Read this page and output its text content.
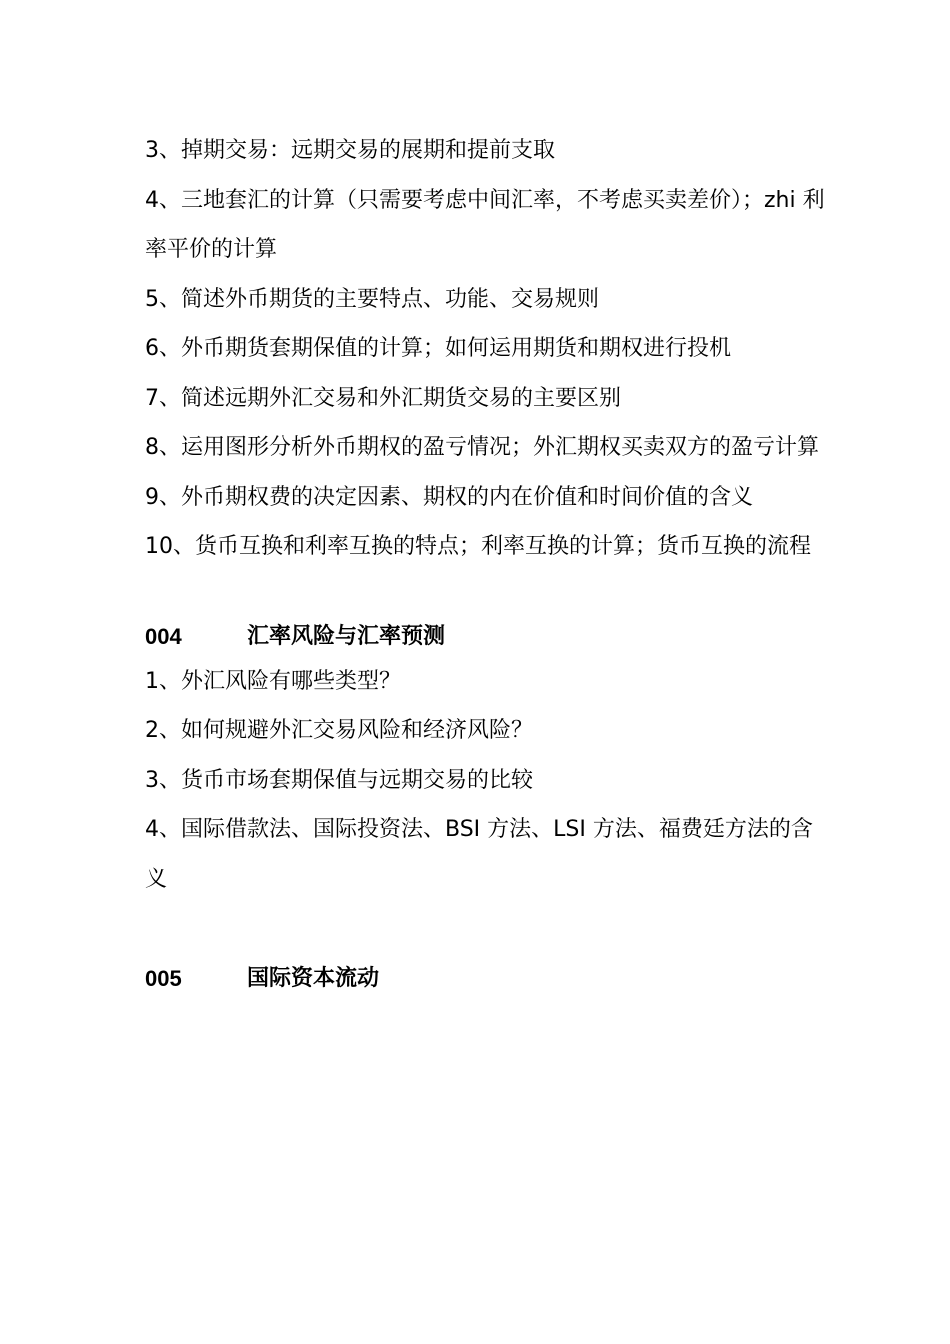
3、掉期交易：远期交易的展期和提前支取

4、三地套汇的计算（只需要考虑中间汇率，不考虑买卖差价）；zhi 利率平价的计算

5、简述外币期货的主要特点、功能、交易规则

6、外币期货套期保值的计算；如何运用期货和期权进行投机

7、简述远期外汇交易和外汇期货交易的主要区别

8、运用图形分析外币期权的盈亏情况；外汇期权买卖双方的盈亏计算

9、外币期权费的决定因素、期权的内在价值和时间价值的含义

10、货币互换和利率互换的特点；利率互换的计算；货币互换的流程

004	汇率风险与汇率预测

1、外汇风险有哪些类型？

2、如何规避外汇交易风险和经济风险？

3、货币市场套期保值与远期交易的比较

4、国际借款法、国际投资法、BSI 方法、LSI 方法、福费廷方法的含义

005	国际资本流动
